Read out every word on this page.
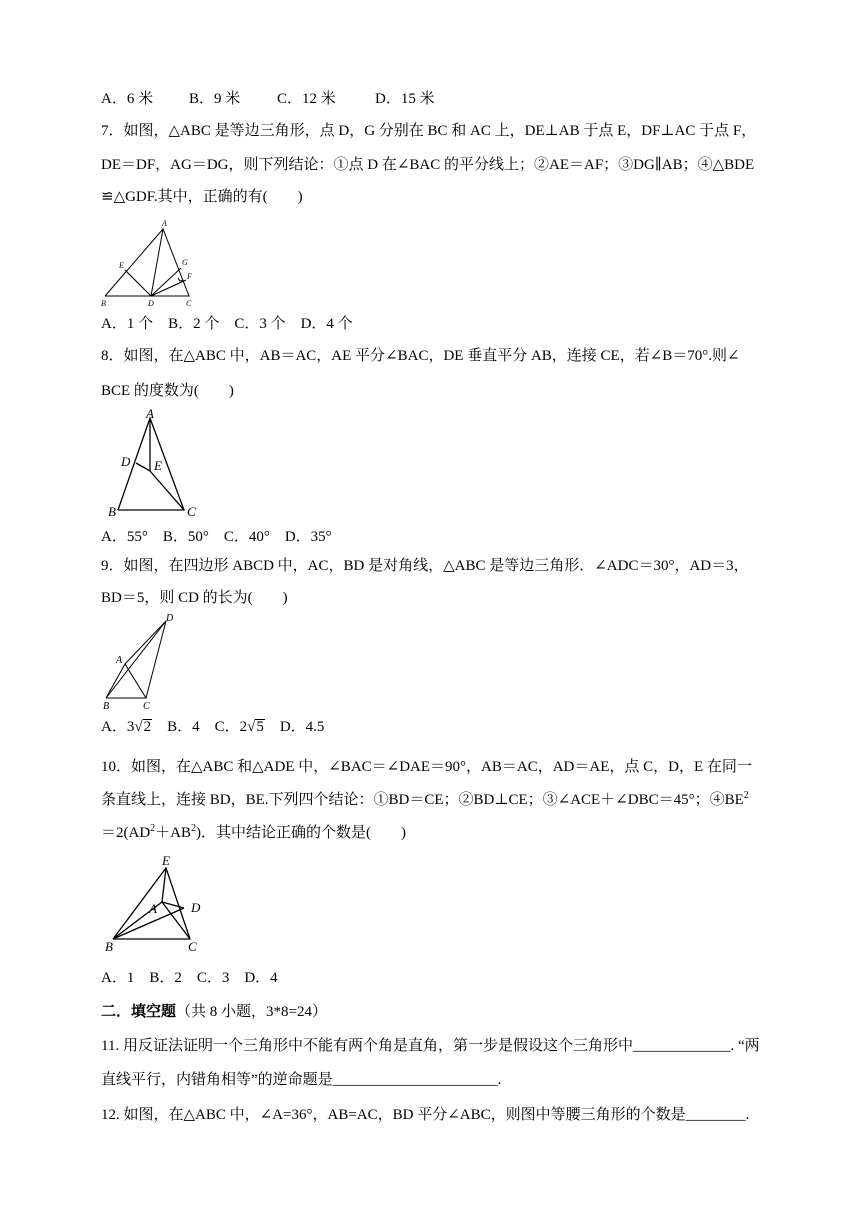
A．6 米 B．9 米 C．12 米	D．15 米
7．如图，△ABC 是等边三角形，点 D，G 分别在 BC 和 AC 上，DE⊥AB 于点 E，DF⊥AC 于点 F，
DE＝DF，AG＝DG，则下列结论：①点 D 在∠BAC 的平分线上；②AE＝AF；③DG∥AB；④△BDE
≌△GDF.其中，正确的有(　　)
A
E	G
F
B	D	C
A．1 个　B．2 个　C．3 个　D．4 个
8．如图，在△ABC 中，AB＝AC，AE 平分∠BAC，DE 垂直平分 AB，连接 CE，若∠B＝70°.则∠
BCE 的度数为(　　)
A
D E
B	C
A．55°　B．50°　C．40°　D．35°
9．如图，在四边形 ABCD 中，AC，BD 是对角线，△ABC 是等边三角形．∠ADC＝30°，AD＝3，
BD＝5，则 CD 的长为(　　)
D
A
B	C
A．3√2　B．4　C．2√5　D．4.5
10．如图，在△ABC 和△ADE 中，∠BAC＝∠DAE＝90°，AB＝AC，AD＝AE，点 C，D，E 在同一
条直线上，连接 BD，BE.下列四个结论：①BD＝CE；②BD⊥CE；③∠ACE＋∠DBC＝45°；$④BE^2$
$=2(AD^2+AB^2)$．其中结论正确的个数是(　　)
E
A	D
B	C
A．1　B．2　C．3　D．4
二．填空题（共 8 小题，3*8=24）
11. 用反证法证明一个三角形中不能有两个角是直角，第一步是假设这个三角形中_____________. “两
直线平行，内错角相等”的逆命题是______________________.
12. 如图，在△ABC 中，∠A=36°，AB=AC，BD 平分∠ABC，则图中等腰三角形的个数是________.
